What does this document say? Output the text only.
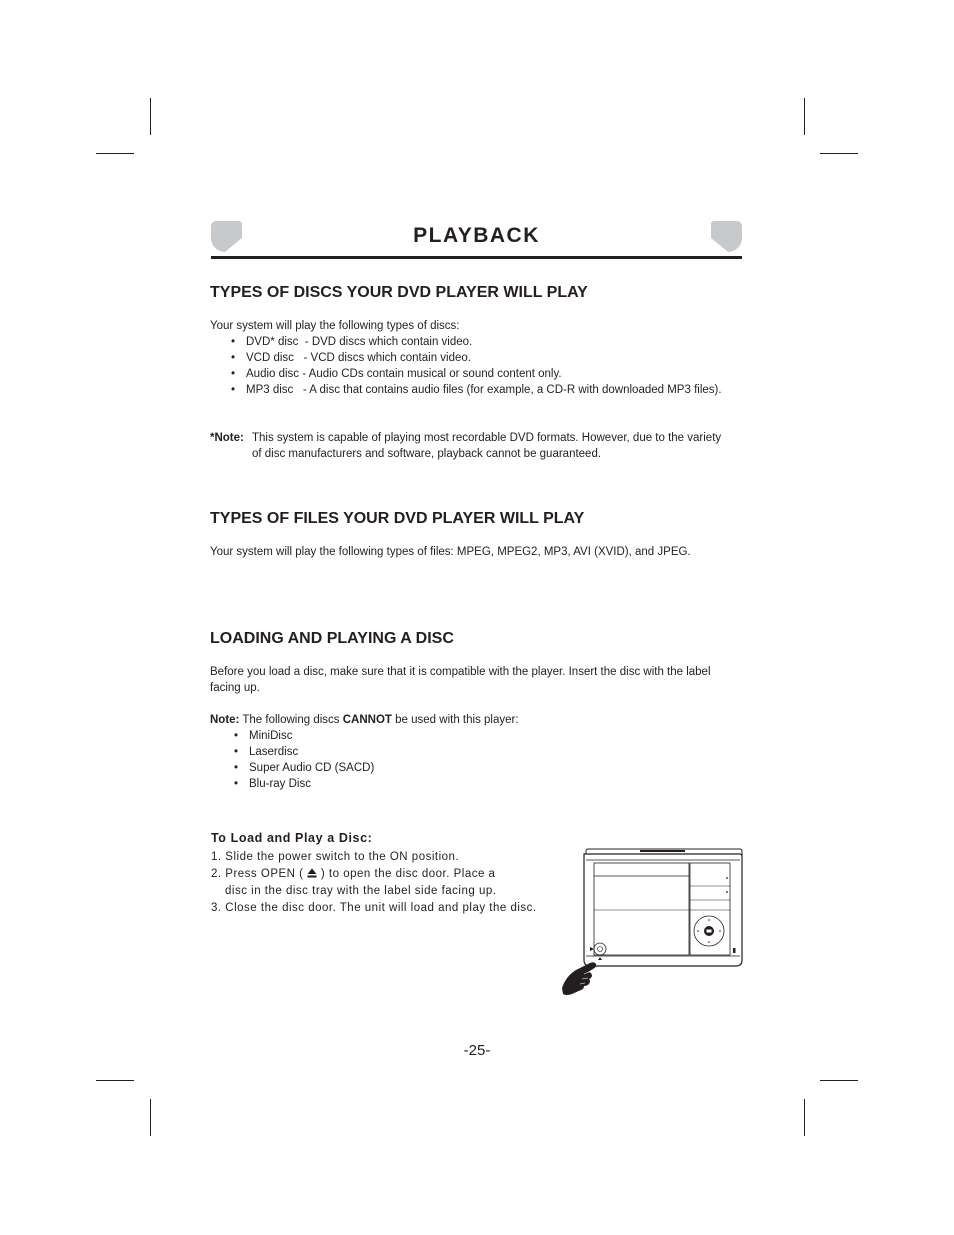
PLAYBACK
TYPES OF DISCS YOUR DVD PLAYER WILL PLAY

Your system will play the following types of discs:

• DVD* disc  - DVD discs which contain video.
• VCD disc   - VCD discs which contain video.
• Audio disc - Audio CDs contain musical or sound content only.
• MP3 disc   - A disc that contains audio files (for example, a CD-R with downloaded MP3 files).
*Note: This system is capable of playing most recordable DVD formats. However, due to the variety of disc manufacturers and software, playback cannot be guaranteed.
TYPES OF FILES YOUR DVD PLAYER WILL PLAY

Your system will play the following types of files: MPEG, MPEG2, MP3, AVI (XVID), and JPEG.

LOADING AND PLAYING A DISC

Before you load a disc, make sure that it is compatible with the player. Insert the disc with the label facing up.

Note: The following discs CANNOT be used with this player:
• MiniDisc
• Laserdisc
• Super Audio CD (SACD)
• Blu-ray Disc
To Load and Play a Disc:
1. Slide the power switch to the ON position.
2. Press OPEN ( ) to open the disc door. Place a
disc in the disc tray with the label side facing up.
3. Close the disc door. The unit will load and play the disc.
-25-
